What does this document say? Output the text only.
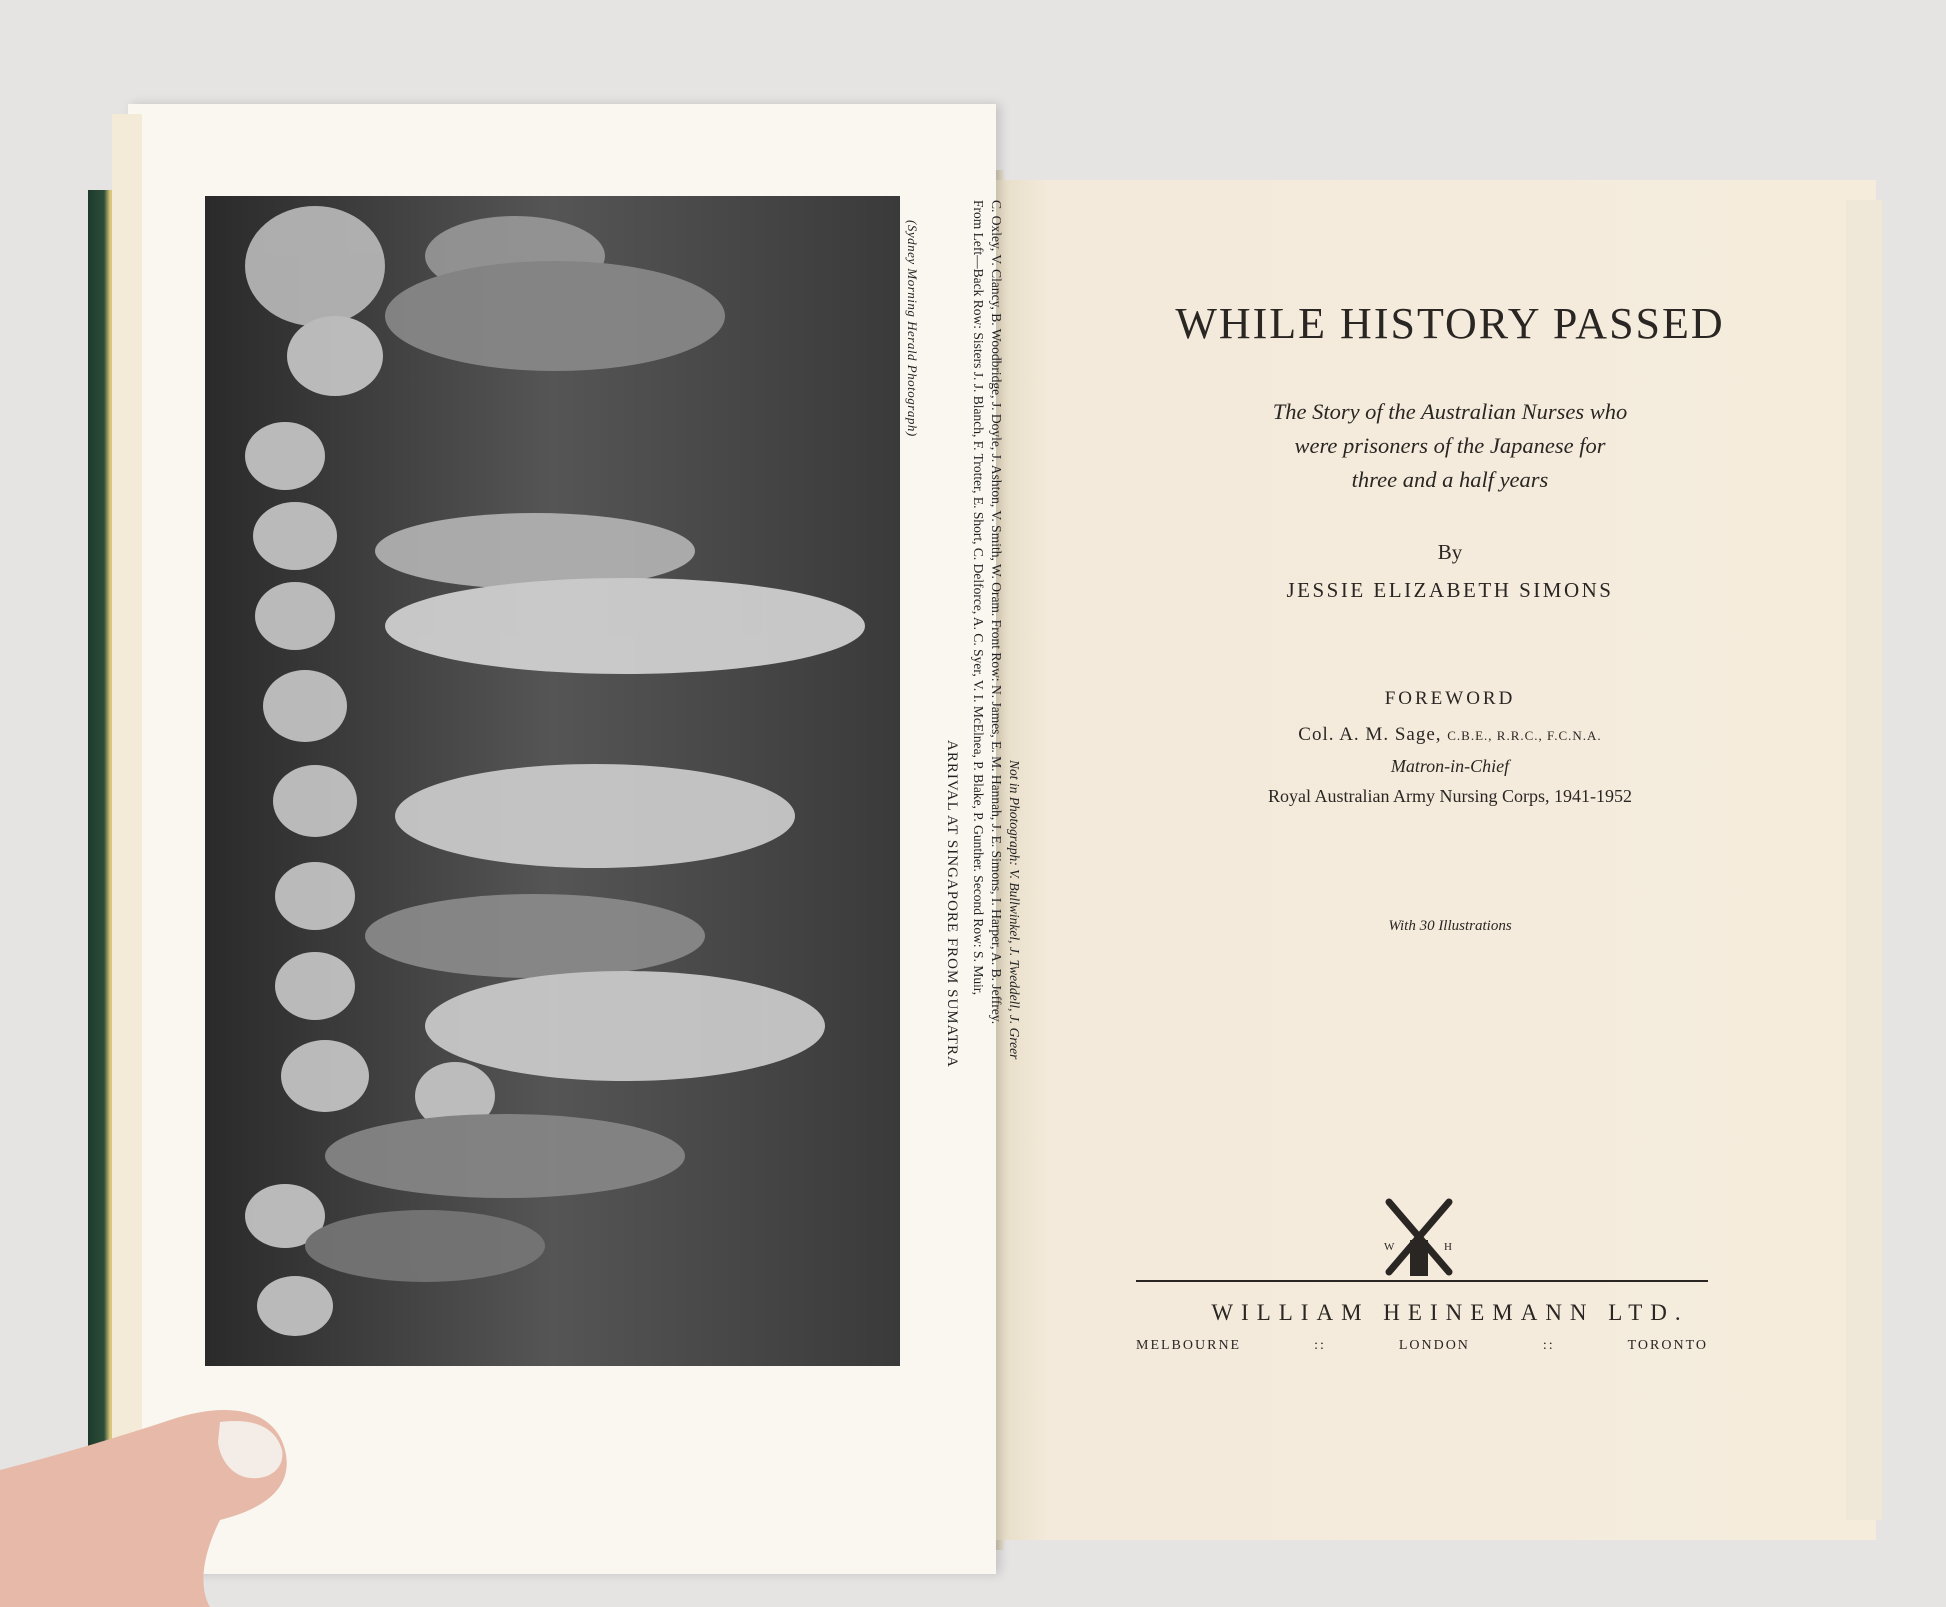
(Sydney Morning Herald Photograph)
ARRIVAL AT SINGAPORE FROM SUMATRA From Left—Back Row: Sisters J. J. Blanch, F. Trotter, E. Short, C. Delforce, A. C. Syer, V. I. McElnea, P. Blake, P. Gunther. Second Row: S. Muir, C. Oxley, V. Clancy, B. Woodbridge, J. Doyle, J. Ashton, V. Smith, W. Oram. Front Row: N. James, E. M. Hannah, J. E. Simons, I. Harper, A. B. Jeffrey. Not in Photograph: V. Bullwinkel, J. Tweddell, J. Greer
WHILE HISTORY PASSED
The Story of the Australian Nurses who
were prisoners of the Japanese for
three and a half years
By
JESSIE ELIZABETH SIMONS
FOREWORD
Col. A. M. Sage, C.B.E., R.R.C., F.C.N.A.
Matron-in-Chief
Royal Australian Army Nursing Corps, 1941-1952
With 30 Illustrations
W	H
WILLIAM HEINEMANN LTD.
MELBOURNE	::	LONDON	::	TORONTO
